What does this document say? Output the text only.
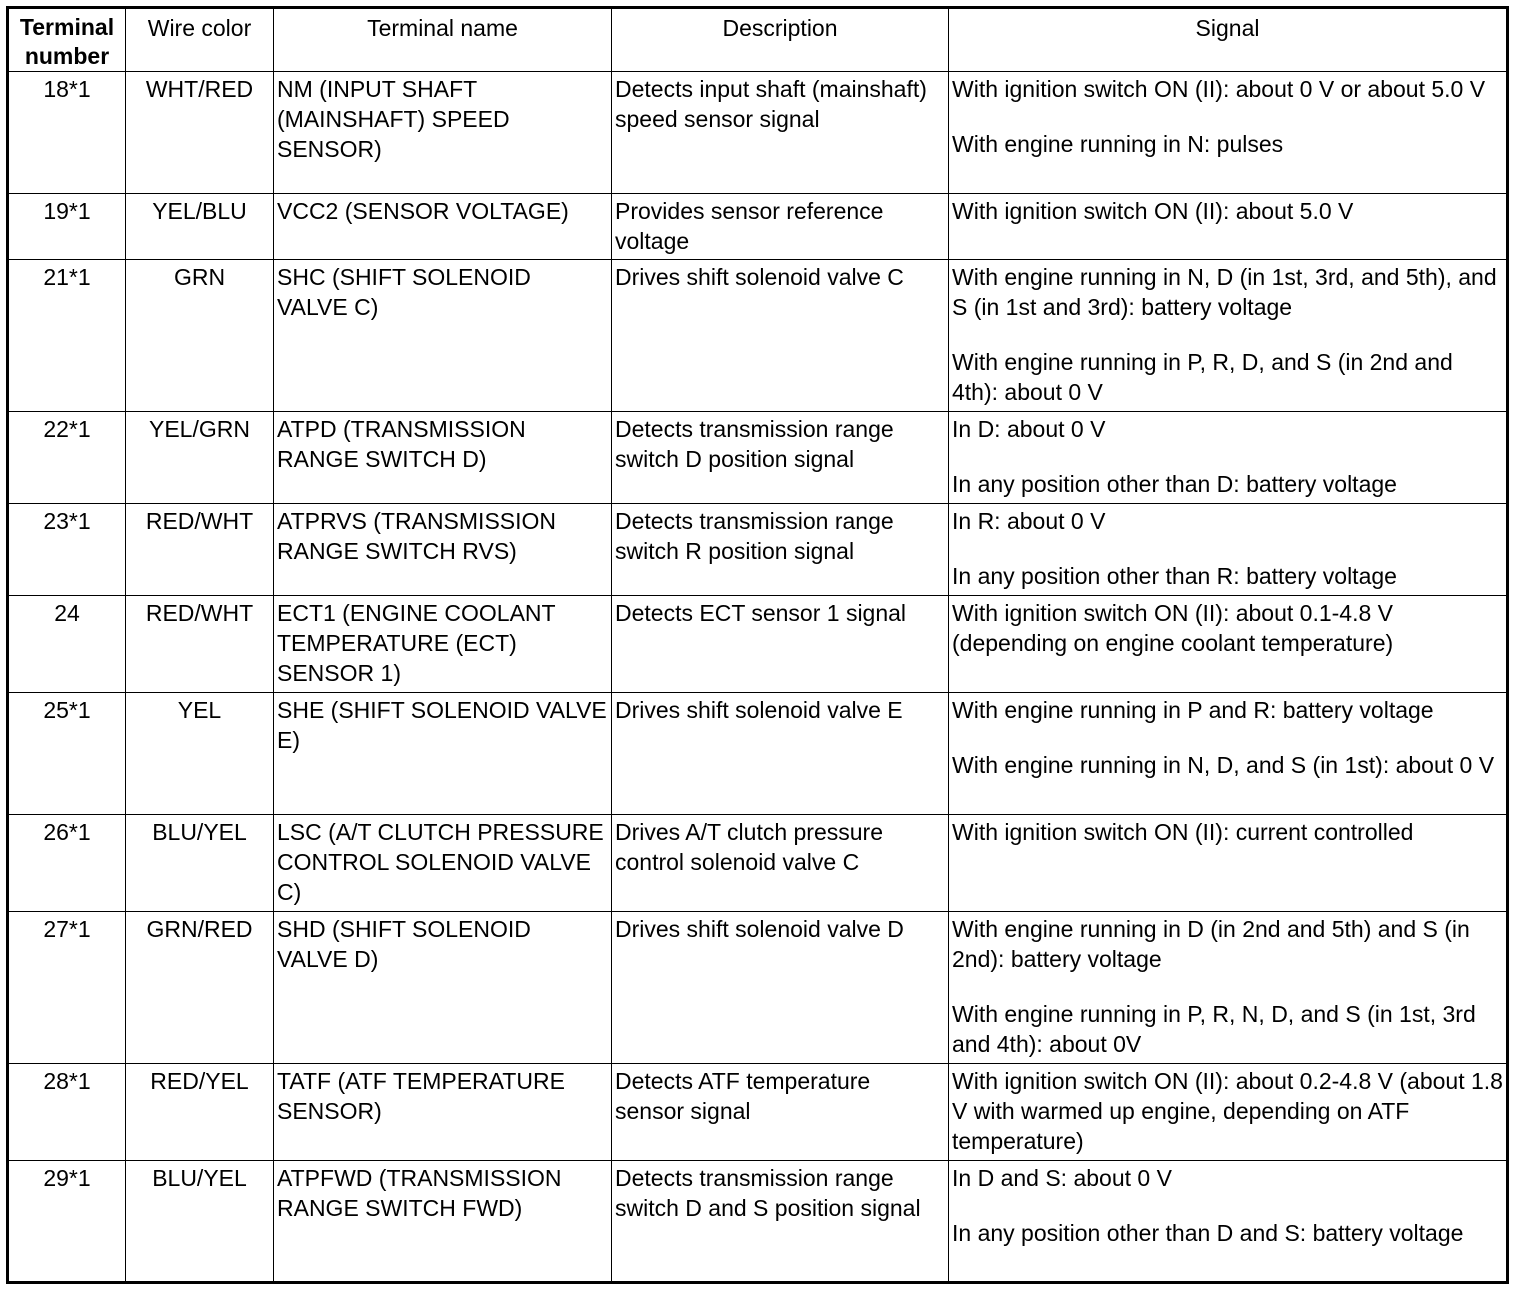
Terminal
number	Wire color	Terminal name	Description	Signal
18*1	WHT/RED	NM (INPUT SHAFT (MAINSHAFT) SPEED SENSOR)	Detects input shaft (mainshaft) speed sensor signal	With ignition switch ON (II): about 0 V or about 5.0 V
With engine running in N: pulses

19*1	YEL/BLU	VCC2 (SENSOR VOLTAGE)	Provides sensor reference voltage	With ignition switch ON (II): about 5.0 V

21*1	GRN	SHC (SHIFT SOLENOID VALVE C)	Drives shift solenoid valve C	With engine running in N, D (in 1st, 3rd, and 5th), and S (in 1st and 3rd): battery voltage
With engine running in P, R, D, and S (in 2nd and 4th): about 0 V

22*1	YEL/GRN	ATPD (TRANSMISSION RANGE SWITCH D)	Detects transmission range switch D position signal	In D: about 0 V
In any position other than D: battery voltage

23*1	RED/WHT	ATPRVS (TRANSMISSION RANGE SWITCH RVS)	Detects transmission range switch R position signal	In R: about 0 V
In any position other than R: battery voltage

24	RED/WHT	ECT1 (ENGINE COOLANT TEMPERATURE (ECT) SENSOR 1)	Detects ECT sensor 1 signal	With ignition switch ON (II): about 0.1-4.8 V (depending on engine coolant temperature)

25*1	YEL	SHE (SHIFT SOLENOID VALVE E)	Drives shift solenoid valve E	With engine running in P and R: battery voltage
With engine running in N, D, and S (in 1st): about 0 V

26*1	BLU/YEL	LSC (A/T CLUTCH PRESSURE CONTROL SOLENOID VALVE C)	Drives A/T clutch pressure control solenoid valve C	With ignition switch ON (II): current controlled

27*1	GRN/RED	SHD (SHIFT SOLENOID VALVE D)	Drives shift solenoid valve D	With engine running in D (in 2nd and 5th) and S (in 2nd): battery voltage
With engine running in P, R, N, D, and S (in 1st, 3rd and 4th): about 0V

28*1	RED/YEL	TATF (ATF TEMPERATURE SENSOR)	Detects ATF temperature sensor signal	With ignition switch ON (II): about 0.2-4.8 V (about 1.8 V with warmed up engine, depending on ATF temperature)

29*1	BLU/YEL	ATPFWD (TRANSMISSION RANGE SWITCH FWD)	Detects transmission range switch D and S position signal	In D and S: about 0 V
In any position other than D and S: battery voltage
